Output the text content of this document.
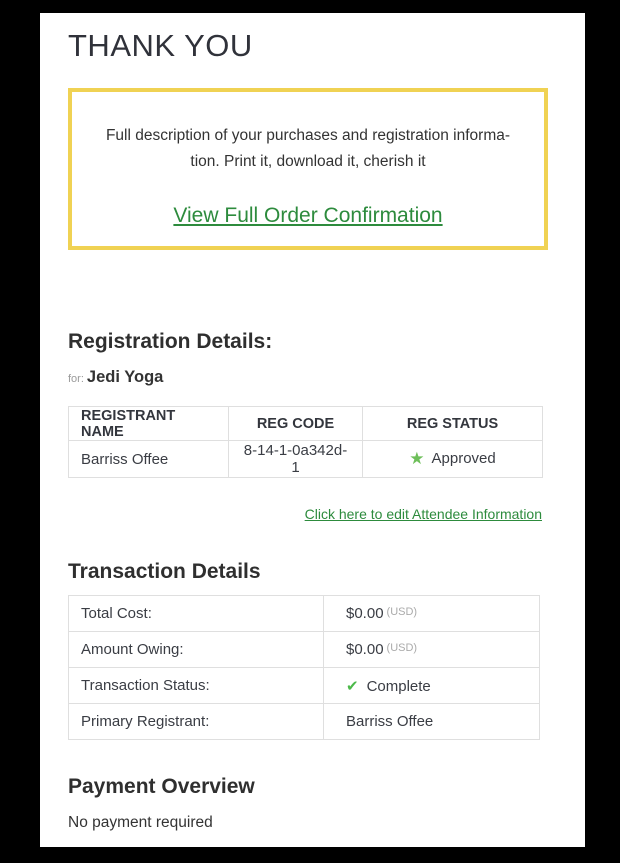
THANK YOU
Full description of your purchases and registration informa-
tion. Print it, download it, cherish it
View Full Order Confirmation
Registration Details:
for: Jedi Yoga
REGISTRANT NAME	REG CODE	REG STATUS
Barriss Offee	8-14-1-0a342d-1	★ Approved
Click here to edit Attendee Information
Transaction Details
Total Cost:	$0.00 $^{(USD)}$
Amount Owing:	$0.00 $^{(USD)}$
Transaction Status:	✔ Complete
Primary Registrant:	Barriss Offee
Payment Overview
No payment required
